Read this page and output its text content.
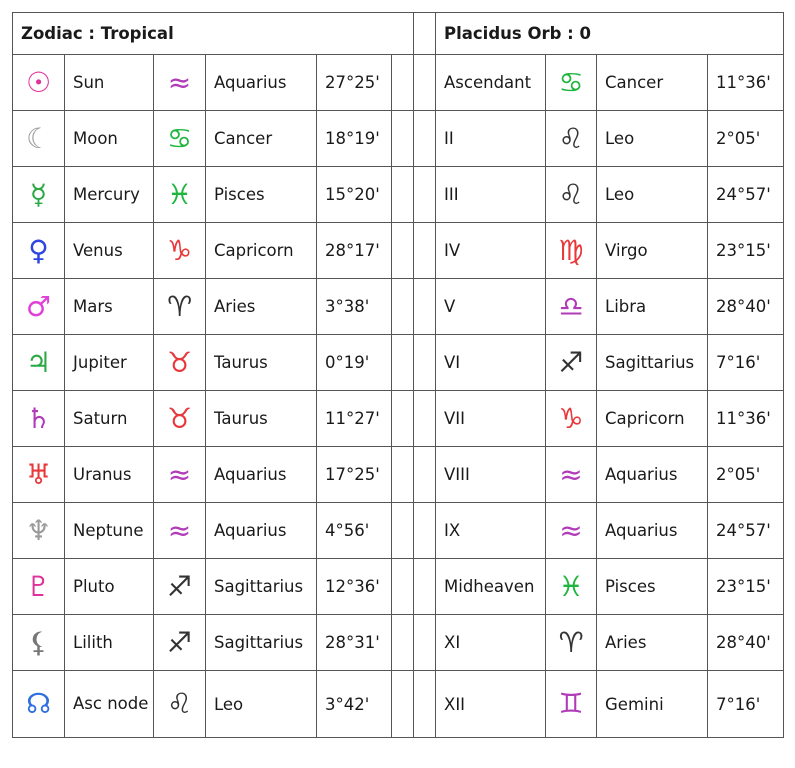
Zodiac : Tropical							Placidus Orb : 0			
☉	Sun	≈	Aquarius	27°25'			Ascendant	♋	Cancer	11°36'
☾	Moon	♋	Cancer	18°19'			II	♌	Leo	2°05'
☿	Mercury	♓	Pisces	15°20'			III	♌	Leo	24°57'
♀	Venus	♑	Capricorn	28°17'			IV	♍	Virgo	23°15'
♂	Mars	♈	Aries	3°38'			V	♎	Libra	28°40'
♃	Jupiter	♉	Taurus	0°19'			VI	♐	Sagittarius	7°16'
♄	Saturn	♉	Taurus	11°27'			VII	♑	Capricorn	11°36'
♅	Uranus	≈	Aquarius	17°25'			VIII	≈	Aquarius	2°05'
♆	Neptune	≈	Aquarius	4°56'			IX	≈	Aquarius	24°57'
♇	Pluto	♐	Sagittarius	12°36'			Midheaven	♓	Pisces	23°15'
⚸	Lilith	♐	Sagittarius	28°31'			XI	♈	Aries	28°40'
☊	Asc node	♌	Leo	3°42'			XII	♊	Gemini	7°16'
